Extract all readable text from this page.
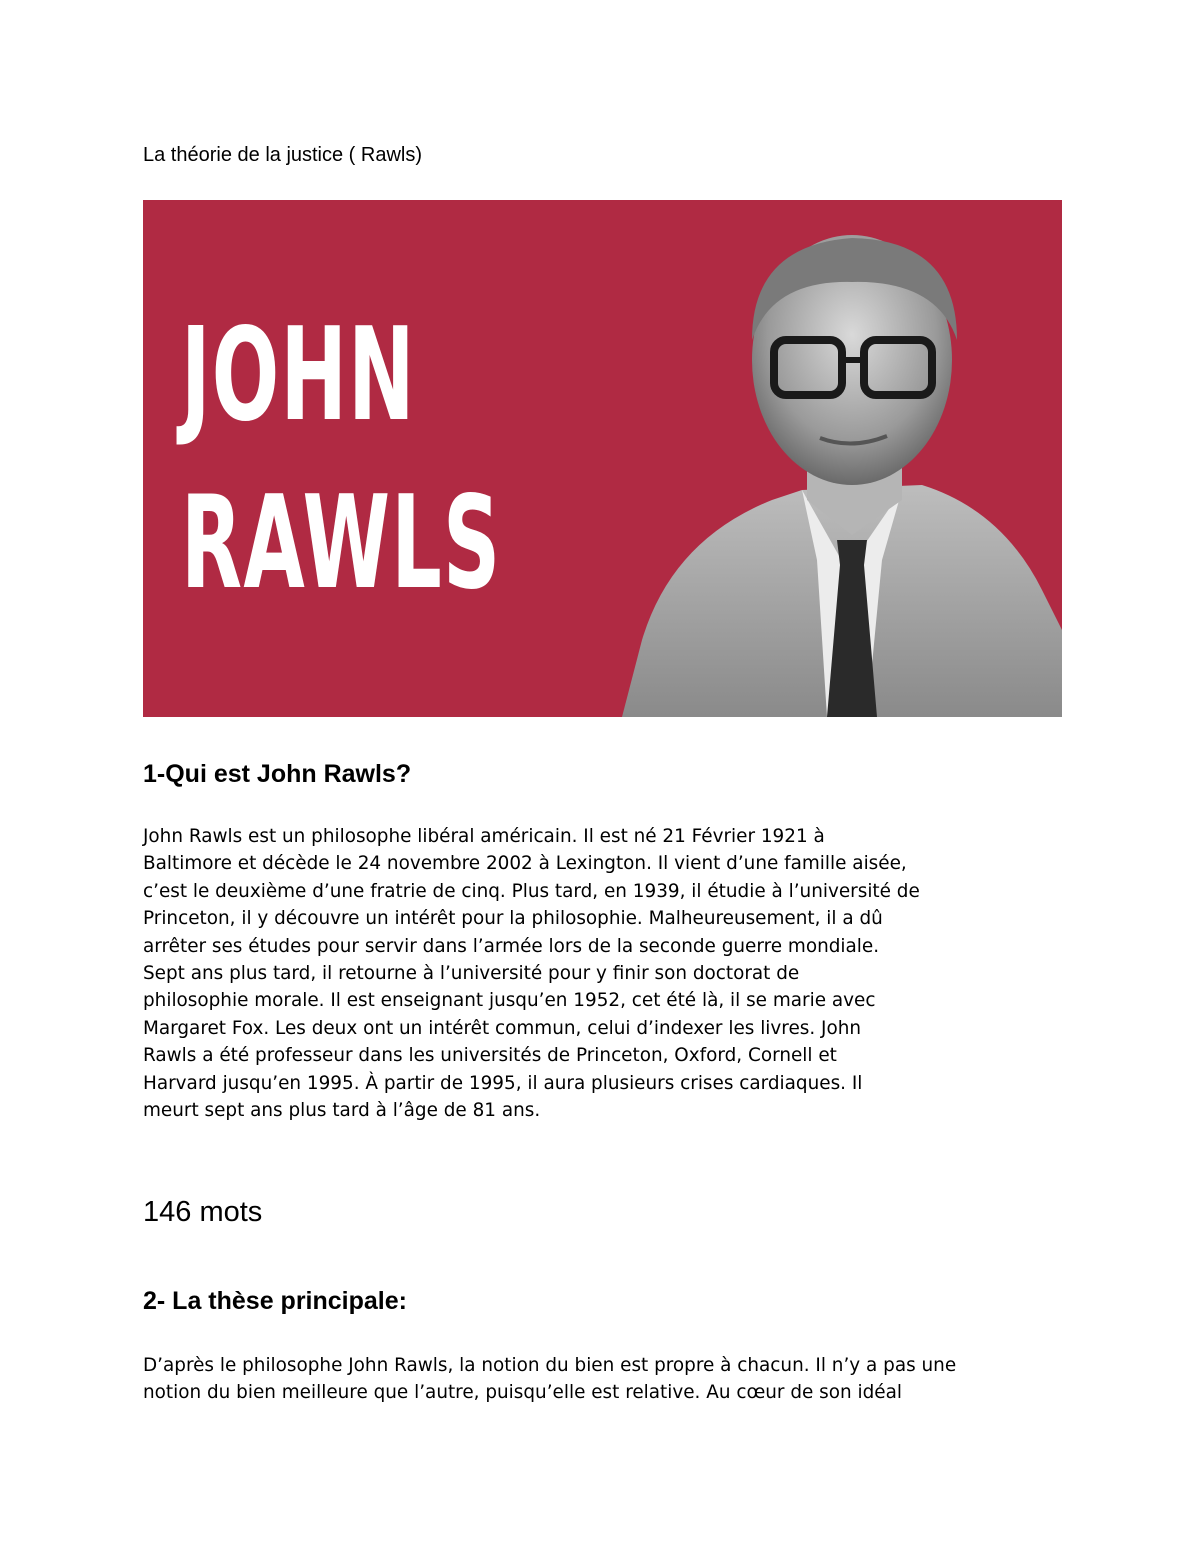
La théorie de la justice ( Rawls)
JOHN
RAWLS
1-Qui est John Rawls?

John Rawls est un philosophe libéral américain. Il est né 21 Février 1921 à
Baltimore et décède le 24 novembre 2002 à Lexington. Il vient d’une famille aisée,
c’est le deuxième d’une fratrie de cinq. Plus tard, en 1939, il étudie à l’université de
Princeton, il y découvre un intérêt pour la philosophie. Malheureusement, il a dû
arrêter ses études pour servir dans l’armée lors de la seconde guerre mondiale.
Sept ans plus tard, il retourne à l’université pour y finir son doctorat de
philosophie morale. Il est enseignant jusqu’en 1952, cet été là, il se marie avec
Margaret Fox. Les deux ont un intérêt commun, celui d’indexer les livres. John
Rawls a été professeur dans les universités de Princeton, Oxford, Cornell et
Harvard jusqu’en 1995. À partir de 1995, il aura plusieurs crises cardiaques. Il
meurt sept ans plus tard à l’âge de 81 ans.

146 mots
2- La thèse principale:

D’après le philosophe John Rawls, la notion du bien est propre à chacun. Il n’y a pas une
notion du bien meilleure que l’autre, puisqu’elle est relative. Au cœur de son idéal
